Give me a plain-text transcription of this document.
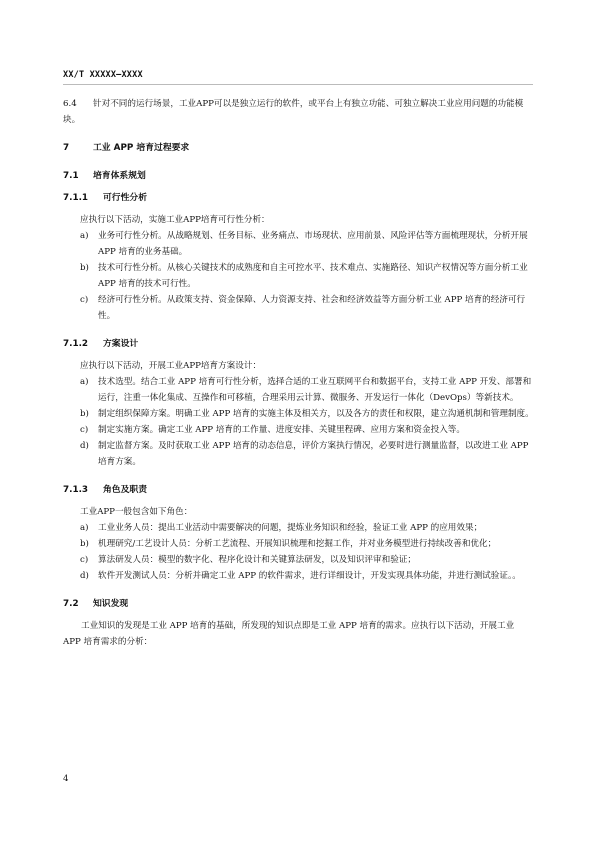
XX/T XXXXX—XXXX

6.4 针对不同的运行场景，工业APP可以是独立运行的软件，或平台上有独立功能、可独立解决工业应用问题的功能模块。

7	工业 APP 培育过程要求
7.1 培育体系规划
7.1.1 可行性分析

应执行以下活动，实施工业APP培育可行性分析：

a) 业务可行性分析。从战略规划、任务目标、业务痛点、市场现状、应用前景、风险评估等方面梳理现状，分析开展 APP 培育的业务基础。
b) 技术可行性分析。从核心关键技术的成熟度和自主可控水平、技术难点、实施路径、知识产权情况等方面分析工业 APP 培育的技术可行性。
c) 经济可行性分析。从政策支持、资金保障、人力资源支持、社会和经济效益等方面分析工业 APP 培育的经济可行性。
7.1.2 方案设计

应执行以下活动，开展工业APP培育方案设计：

a) 技术选型。结合工业 APP 培育可行性分析，选择合适的工业互联网平台和数据平台，支持工业 APP 开发、部署和运行，注重一体化集成、互操作和可移植，合理采用云计算、微服务、开发运行一体化（DevOps）等新技术。
b) 制定组织保障方案。明确工业 APP 培育的实施主体及相关方，以及各方的责任和权限，建立沟通机制和管理制度。
c) 制定实施方案。确定工业 APP 培育的工作量、进度安排、关键里程碑、应用方案和资金投入等。
d) 制定监督方案。及时获取工业 APP 培育的动态信息，评价方案执行情况，必要时进行测量监督，以改进工业 APP 培育方案。
7.1.3 角色及职责

工业APP一般包含如下角色：

a) 工业业务人员：提出工业活动中需要解决的问题，提炼业务知识和经验，验证工业 APP 的应用效果；
b) 机理研究/工艺设计人员：分析工艺流程、开展知识梳理和挖掘工作，并对业务模型进行持续改善和优化；
c) 算法研发人员：模型的数字化、程序化设计和关键算法研发，以及知识评审和验证；
d) 软件开发测试人员：分析并确定工业 APP 的软件需求，进行详细设计，开发实现具体功能，并进行测试验证。。
7.2 知识发现

工业知识的发现是工业 APP 培育的基础，所发现的知识点即是工业 APP 培育的需求。应执行以下活动，开展工业 APP 培育需求的分析：

4
